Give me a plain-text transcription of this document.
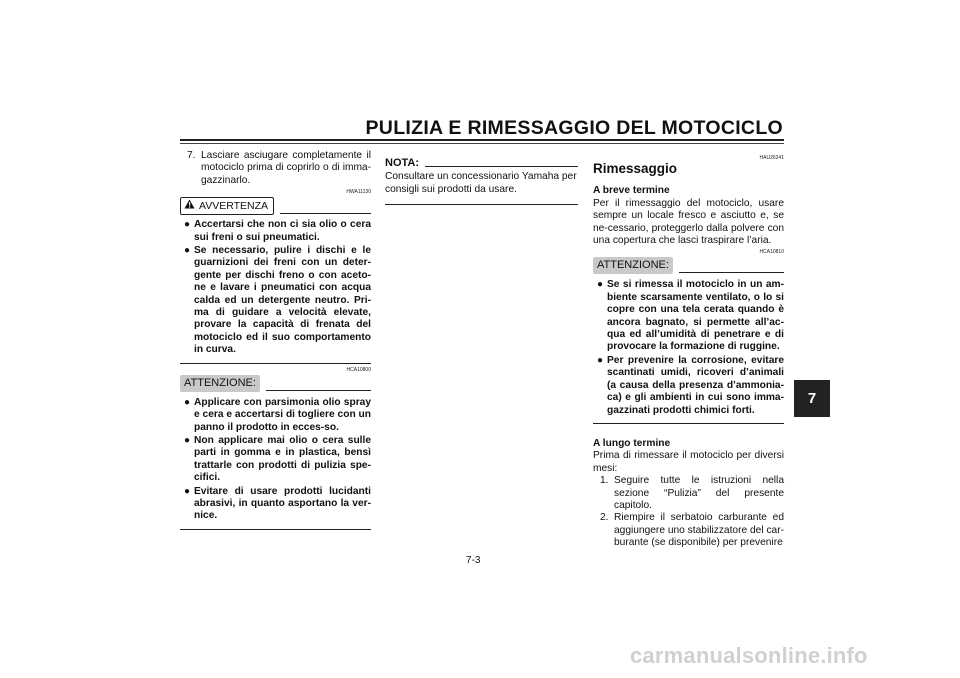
PULIZIA E RIMESSAGGIO DEL MOTOCICLO
7
7. Lasciare asciugare completamente il motociclo prima di coprirlo o di imma-gazzinarlo.
HWA11130
AVVERTENZA
● Accertarsi che non ci sia olio o cera sui freni o sui pneumatici.
● Se necessario, pulire i dischi e le guarnizioni dei freni con un deter-gente per dischi freno o con aceto-ne e lavare i pneumatici con acqua calda ed un detergente neutro. Pri-ma di guidare a velocità elevate, provare la capacità di frenata del motociclo ed il suo comportamento in curva.
HCA10800
ATTENZIONE:
● Applicare con parsimonia olio spray e cera e accertarsi di togliere con un panno il prodotto in ecces-so.
● Non applicare mai olio o cera sulle parti in gomma e in plastica, bensì trattarle con prodotti di pulizia spe-cifici.
● Evitare di usare prodotti lucidanti abrasivi, in quanto asportano la ver-nice.
NOTA:
Consultare un concessionario Yamaha per consigli sui prodotti da usare.
HAU26241
Rimessaggio
A breve termine
Per il rimessaggio del motociclo, usare sempre un locale fresco e asciutto e, se ne-cessario, proteggerlo dalla polvere con una copertura che lasci traspirare l’aria.
HCA10810
ATTENZIONE:
● Se si rimessa il motociclo in un am-biente scarsamente ventilato, o lo si copre con una tela cerata quando è ancora bagnato, si permette all’ac-qua ed all’umidità di penetrare e di provocare la formazione di ruggine.
● Per prevenire la corrosione, evitare scantinati umidi, ricoveri d’animali (a causa della presenza d’ammonia-ca) e gli ambienti in cui sono imma-gazzinati prodotti chimici forti.
A lungo termine
Prima di rimessare il motociclo per diversi mesi:
1. Seguire tutte le istruzioni nella sezione “Pulizia” del presente capitolo.
2. Riempire il serbatoio carburante ed aggiungere uno stabilizzatore del car-burante (se disponibile) per prevenire
7-3
carmanualsonline.info
